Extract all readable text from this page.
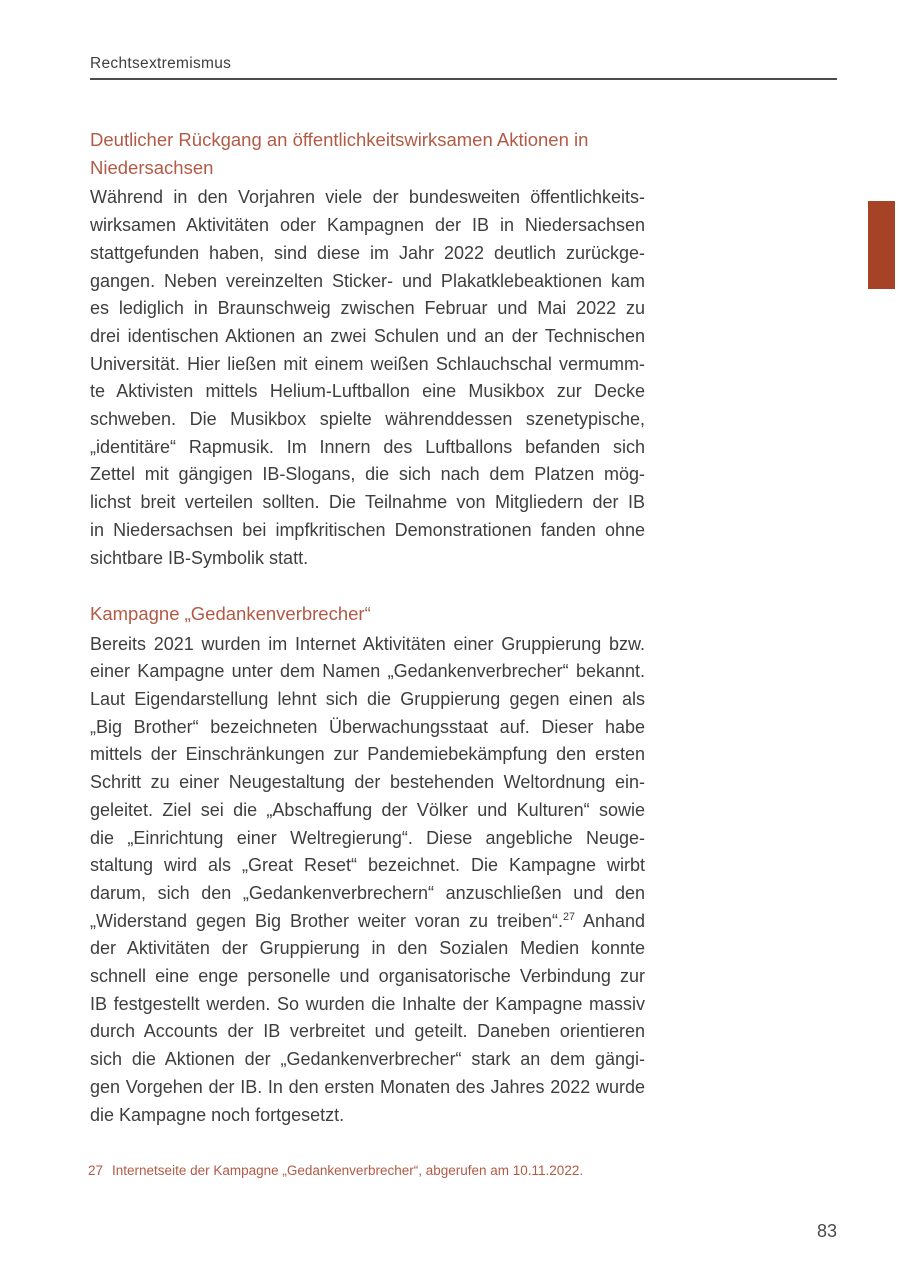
Rechtsextremismus
Deutlicher Rückgang an öffentlichkeitswirksamen Aktionen in
Niedersachsen
Während in den Vorjahren viele der bundesweiten öffentlichkeits-
wirksamen Aktivitäten oder Kampagnen der IB in Niedersachsen
stattgefunden haben, sind diese im Jahr 2022 deutlich zurückge-
gangen. Neben vereinzelten Sticker- und Plakatklebeaktionen kam
es lediglich in Braunschweig zwischen Februar und Mai 2022 zu
drei identischen Aktionen an zwei Schulen und an der Technischen
Universität. Hier ließen mit einem weißen Schlauchschal vermumm-
te Aktivisten mittels Helium-Luftballon eine Musikbox zur Decke
schweben. Die Musikbox spielte währenddessen szenetypische,
„identitäre“ Rapmusik. Im Innern des Luftballons befanden sich
Zettel mit gängigen IB-Slogans, die sich nach dem Platzen mög-
lichst breit verteilen sollten. Die Teilnahme von Mitgliedern der IB
in Niedersachsen bei impfkritischen Demonstrationen fanden ohne
sichtbare IB-Symbolik statt.
Kampagne „Gedankenverbrecher“
Bereits 2021 wurden im Internet Aktivitäten einer Gruppierung bzw.
einer Kampagne unter dem Namen „Gedankenverbrecher“ bekannt.
Laut Eigendarstellung lehnt sich die Gruppierung gegen einen als
„Big Brother“ bezeichneten Überwachungsstaat auf. Dieser habe
mittels der Einschränkungen zur Pandemiebekämpfung den ersten
Schritt zu einer Neugestaltung der bestehenden Weltordnung ein-
geleitet. Ziel sei die „Abschaffung der Völker und Kulturen“ sowie
die „Einrichtung einer Weltregierung“. Diese angebliche Neuge-
staltung wird als „Great Reset“ bezeichnet. Die Kampagne wirbt
darum, sich den „Gedankenverbrechern“ anzuschließen und den
„Widerstand gegen Big Brother weiter voran zu treiben“.$^{27}$ Anhand
der Aktivitäten der Gruppierung in den Sozialen Medien konnte
schnell eine enge personelle und organisatorische Verbindung zur
IB festgestellt werden. So wurden die Inhalte der Kampagne massiv
durch Accounts der IB verbreitet und geteilt. Daneben orientieren
sich die Aktionen der „Gedankenverbrecher“ stark an dem gängi-
gen Vorgehen der IB. In den ersten Monaten des Jahres 2022 wurde
die Kampagne noch fortgesetzt.
27 Internetseite der Kampagne „Gedankenverbrecher“, abgerufen am 10.11.2022.
83
